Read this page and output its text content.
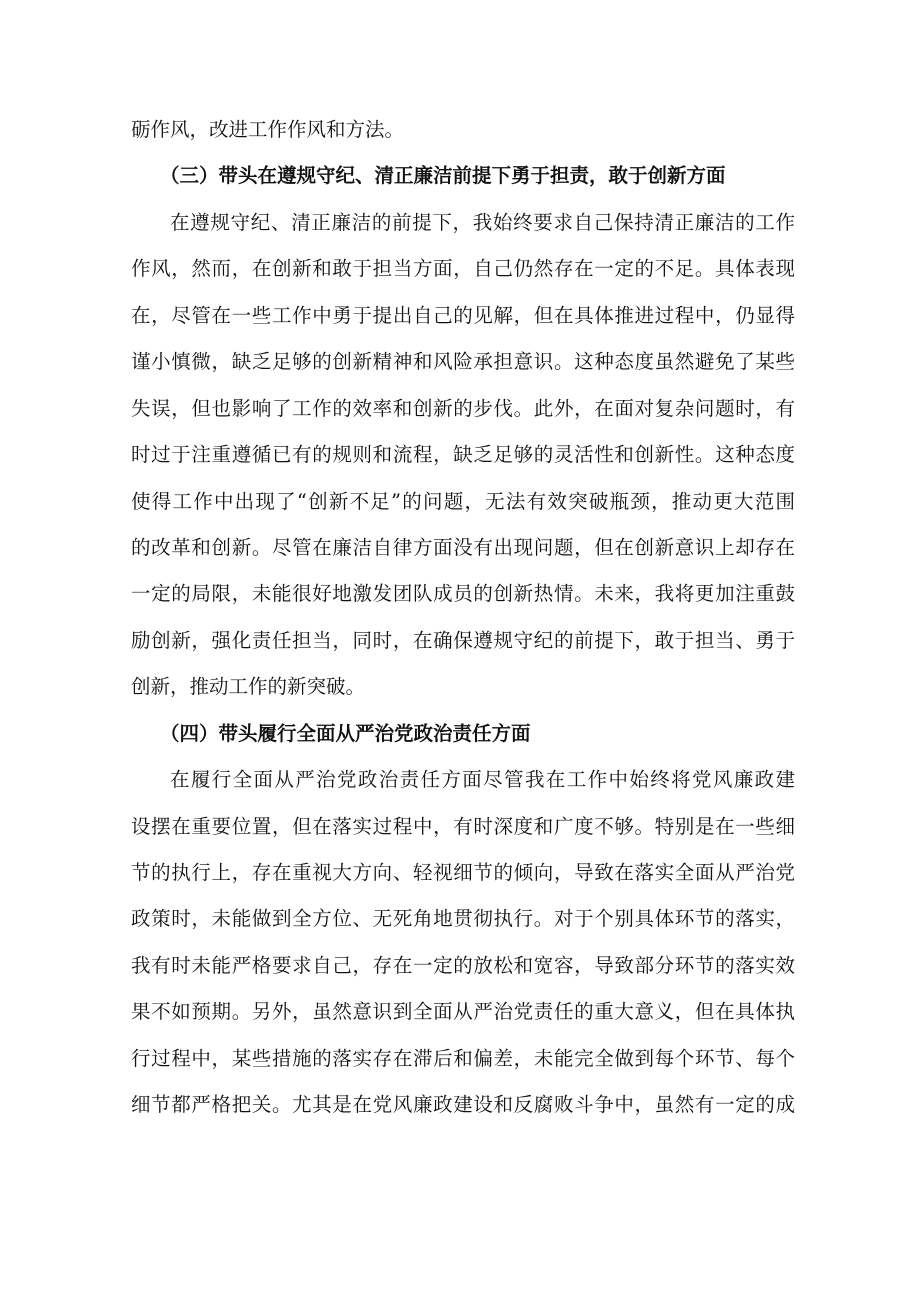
砺作风，改进工作作风和方法。
（三）带头在遵规守纪、清正廉洁前提下勇于担责，敢于创新方面
在遵规守纪、清正廉洁的前提下，我始终要求自己保持清正廉洁的工作
作风，然而，在创新和敢于担当方面，自己仍然存在一定的不足。具体表现
在，尽管在一些工作中勇于提出自己的见解，但在具体推进过程中，仍显得
谨小慎微，缺乏足够的创新精神和风险承担意识。这种态度虽然避免了某些
失误，但也影响了工作的效率和创新的步伐。此外，在面对复杂问题时，有
时过于注重遵循已有的规则和流程，缺乏足够的灵活性和创新性。这种态度
使得工作中出现了“创新不足”的问题，无法有效突破瓶颈，推动更大范围
的改革和创新。尽管在廉洁自律方面没有出现问题，但在创新意识上却存在
一定的局限，未能很好地激发团队成员的创新热情。未来，我将更加注重鼓
励创新，强化责任担当，同时，在确保遵规守纪的前提下，敢于担当、勇于
创新，推动工作的新突破。
（四）带头履行全面从严治党政治责任方面
在履行全面从严治党政治责任方面尽管我在工作中始终将党风廉政建
设摆在重要位置，但在落实过程中，有时深度和广度不够。特别是在一些细
节的执行上，存在重视大方向、轻视细节的倾向，导致在落实全面从严治党
政策时，未能做到全方位、无死角地贯彻执行。对于个别具体环节的落实，
我有时未能严格要求自己，存在一定的放松和宽容，导致部分环节的落实效
果不如预期。另外，虽然意识到全面从严治党责任的重大意义，但在具体执
行过程中，某些措施的落实存在滞后和偏差，未能完全做到每个环节、每个
细节都严格把关。尤其是在党风廉政建设和反腐败斗争中，虽然有一定的成
